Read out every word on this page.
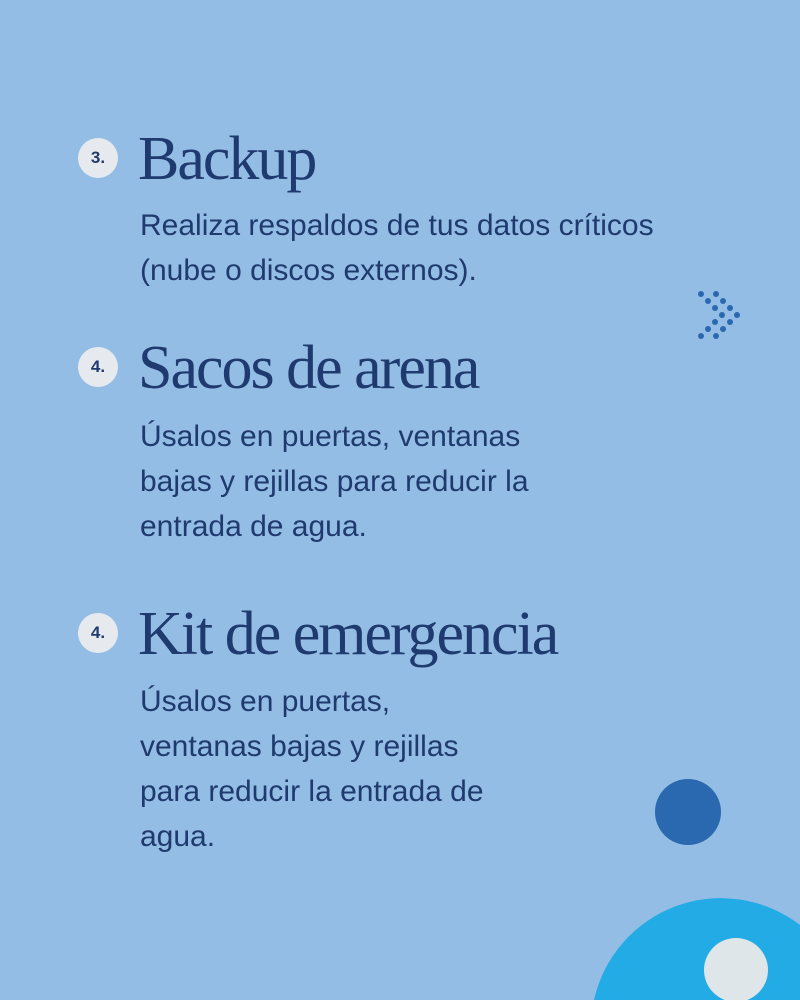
3. Backup

Realiza respaldos de tus datos críticos (nube o discos externos).

4. Sacos de arena

Úsalos en puertas, ventanas bajas y rejillas para reducir la entrada de agua.

4. Kit de emergencia

Úsalos en puertas, ventanas bajas y rejillas para reducir la entrada de agua.
